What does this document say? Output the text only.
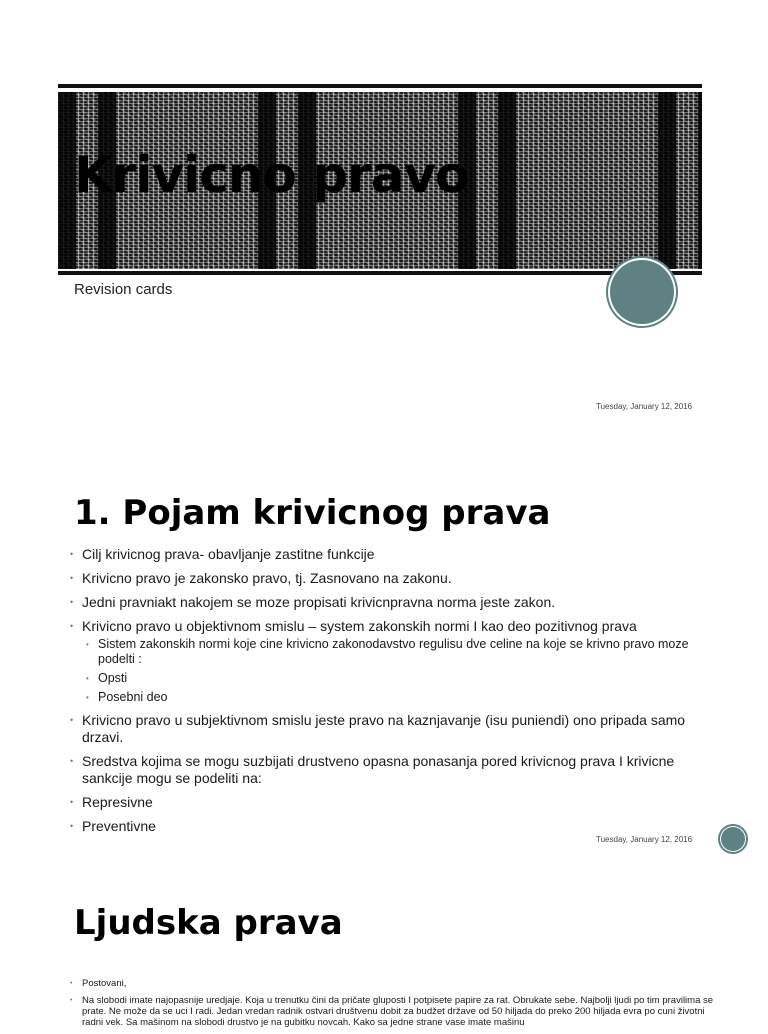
Krivicno pravo
Revision cards
Tuesday, January 12, 2016
1. Pojam krivicnog prava
• Cilj krivicnog prava- obavljanje zastitne funkcije
• Krivicno pravo je zakonsko pravo, tj. Zasnovano na zakonu.
• Jedni pravniakt nakojem se moze propisati krivicnpravna norma jeste zakon.
• Krivicno pravo u objektivnom smislu – system zakonskih normi I kao deo pozitivnog prava
• Sistem zakonskih normi koje cine krivicno zakonodavstvo regulisu dve celine na koje se krivno pravo moze podelti :
• Opsti
• Posebni deo
• Krivicno pravo u subjektivnom smislu jeste pravo na kaznjavanje (isu puniendi) ono pripada samo drzavi.
• Sredstva kojima se mogu suzbijati drustveno opasna ponasanja pored krivicnog prava I krivicne sankcije mogu se podeliti na:
• Represivne
• Preventivne
Tuesday, January 12, 2016
Ljudska prava
• Postovani,
• Na slobodi imate najopasnije uredjaje. Koja u trenutku čini da pričate gluposti I potpisete papire za rat. Obrukate sebe. Najbolji ljudi po tim pravilima se prate. Ne može da se uci I radi. Jedan vredan radnik ostvari društvenu dobit za budžet države od 50 hiljada do preko 200 hiljada evra po cuni životni radni vek. Sa mašinom na slobodi drustvo je na gubitku novcah. Kako sa jedne strane vase imate mašinu
